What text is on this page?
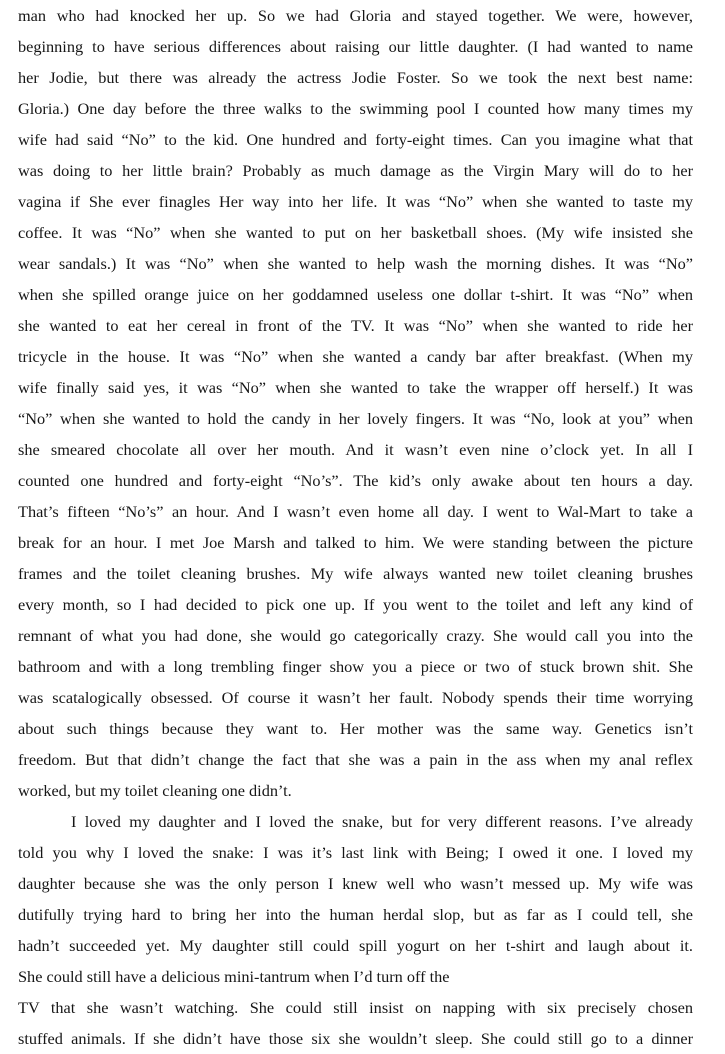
man who had knocked her up. So we had Gloria and stayed together. We were, however,
beginning to have serious differences about raising our little daughter. (I had wanted to name
her Jodie, but there was already the actress Jodie Foster. So we took the next best name:
Gloria.) One day before the three walks to the swimming pool I counted how many times my
wife had said “No” to the kid. One hundred and forty-eight times. Can you imagine what that
was doing to her little brain? Probably as much damage as the Virgin Mary will do to her
vagina if She ever finagles Her way into her life. It was “No” when she wanted to taste my
coffee. It was “No” when she wanted to put on her basketball shoes. (My wife insisted she
wear sandals.) It was “No” when she wanted to help wash the morning dishes. It was “No”
when she spilled orange juice on her goddamned useless one dollar t-shirt. It was “No” when
she wanted to eat her cereal in front of the TV. It was “No” when she wanted to ride her
tricycle in the house. It was “No” when she wanted a candy bar after breakfast. (When my
wife finally said yes, it was “No” when she wanted to take the wrapper off herself.) It was
“No” when she wanted to hold the candy in her lovely fingers. It was “No, look at you” when
she smeared chocolate all over her mouth. And it wasn’t even nine o’clock yet. In all I
counted one hundred and forty-eight “No’s”. The kid’s only awake about ten hours a day.
That’s fifteen “No’s” an hour. And I wasn’t even home all day. I went to Wal-Mart to take a
break for an hour. I met Joe Marsh and talked to him. We were standing between the picture
frames and the toilet cleaning brushes. My wife always wanted new toilet cleaning brushes
every month, so I had decided to pick one up. If you went to the toilet and left any kind of
remnant of what you had done, she would go categorically crazy. She would call you into the
bathroom and with a long trembling finger show you a piece or two of stuck brown shit. She
was scatalogically obsessed. Of course it wasn’t her fault. Nobody spends their time worrying
about such things because they want to. Her mother was the same way. Genetics isn’t
freedom. But that didn’t change the fact that she was a pain in the ass when my anal reflex
worked, but my toilet cleaning one didn’t.
I loved my daughter and I loved the snake, but for very different reasons. I’ve already
told you why I loved the snake: I was it’s last link with Being; I owed it one. I loved my
daughter because she was the only person I knew well who wasn’t messed up. My wife was
dutifully trying hard to bring her into the human herdal slop, but as far as I could tell, she
hadn’t succeeded yet. My daughter still could spill yogurt on her t-shirt and laugh about it.
She could still have a delicious mini-tantrum when I’d turn off the
TV that she wasn’t watching. She could still insist on napping with six precisely chosen
stuffed animals. If she didn’t have those six she wouldn’t sleep. She could still go to a dinner
